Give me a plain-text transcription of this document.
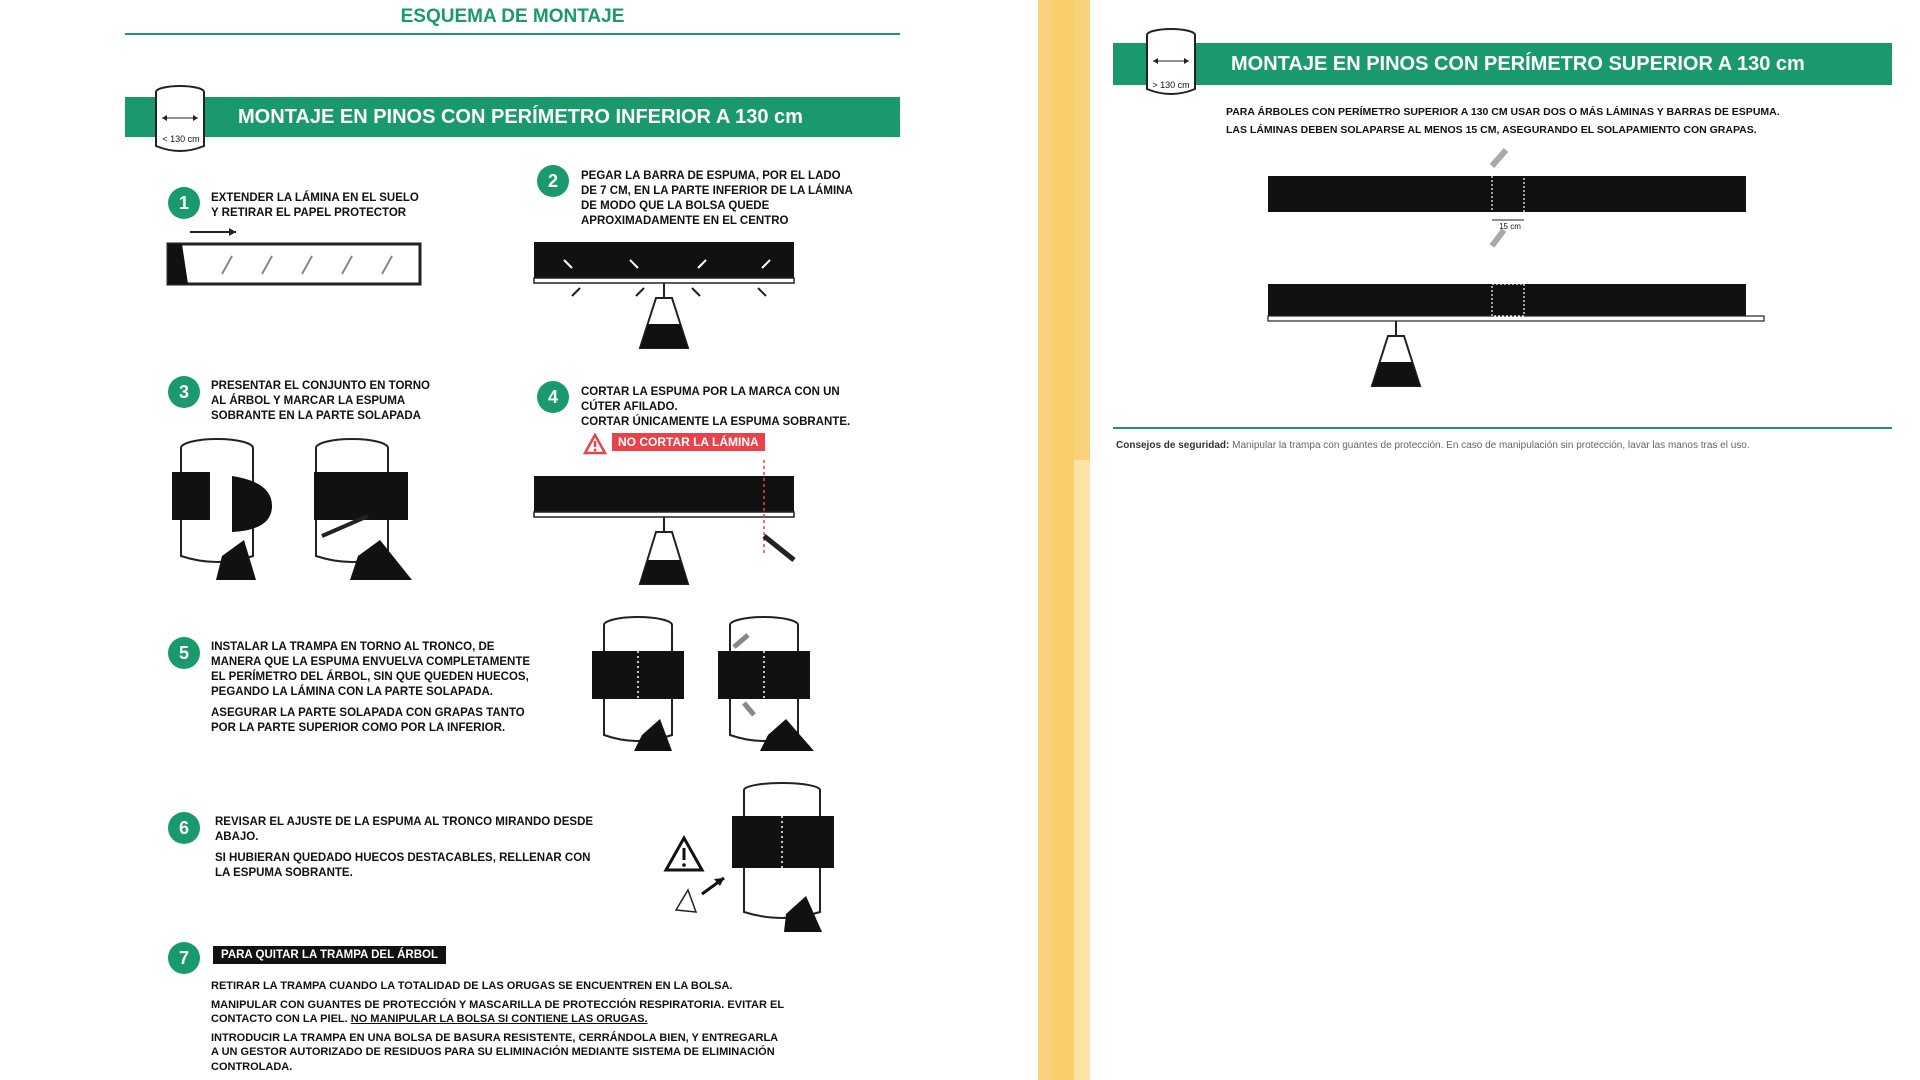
ESQUEMA DE MONTAJE
MONTAJE EN PINOS CON PERÍMETRO INFERIOR A 130 cm
< 130 cm
1	EXTENDER LA LÁMINA EN EL SUELO
Y RETIRAR EL PAPEL PROTECTOR
2	PEGAR LA BARRA DE ESPUMA, POR EL LADO
DE 7 CM, EN LA PARTE INFERIOR DE LA LÁMINA
DE MODO QUE LA BOLSA QUEDE
APROXIMADAMENTE EN EL CENTRO
3	PRESENTAR EL CONJUNTO EN TORNO
AL ÁRBOL Y MARCAR LA ESPUMA
SOBRANTE EN LA PARTE SOLAPADA
4	CORTAR LA ESPUMA POR LA MARCA CON UN
CÚTER AFILADO.
CORTAR ÚNICAMENTE LA ESPUMA SOBRANTE.
NO CORTAR LA LÁMINA
5	INSTALAR LA TRAMPA EN TORNO AL TRONCO, DE
MANERA QUE LA ESPUMA ENVUELVA COMPLETAMENTE
EL PERÍMETRO DEL ÁRBOL, SIN QUE QUEDEN HUECOS,
PEGANDO LA LÁMINA CON LA PARTE SOLAPADA.
ASEGURAR LA PARTE SOLAPADA CON GRAPAS TANTO
POR LA PARTE SUPERIOR COMO POR LA INFERIOR.
6	REVISAR EL AJUSTE DE LA ESPUMA AL TRONCO MIRANDO DESDE
ABAJO.
SI HUBIERAN QUEDADO HUECOS DESTACABLES, RELLENAR CON
LA ESPUMA SOBRANTE.
7	PARA QUITAR LA TRAMPA DEL ÁRBOL

RETIRAR LA TRAMPA CUANDO LA TOTALIDAD DE LAS ORUGAS SE ENCUENTREN EN LA BOLSA.

MANIPULAR CON GUANTES DE PROTECCIÓN Y MASCARILLA DE PROTECCIÓN RESPIRATORIA. EVITAR EL
CONTACTO CON LA PIEL. NO MANIPULAR LA BOLSA SI CONTIENE LAS ORUGAS.

INTRODUCIR LA TRAMPA EN UNA BOLSA DE BASURA RESISTENTE, CERRÁNDOLA BIEN, Y ENTREGARLA
A UN GESTOR AUTORIZADO DE RESIDUOS PARA SU ELIMINACIÓN MEDIANTE SISTEMA DE ELIMINACIÓN
CONTROLADA.

MONTAJE EN PINOS CON PERÍMETRO SUPERIOR A 130 cm
> 130 cm
PARA ÁRBOLES CON PERÍMETRO SUPERIOR A 130 CM USAR DOS O MÁS LÁMINAS Y BARRAS DE ESPUMA.
LAS LÁMINAS DEBEN SOLAPARSE AL MENOS 15 CM, ASEGURANDO EL SOLAPAMIENTO CON GRAPAS.
15 cm
Consejos de seguridad: Manipular la trampa con guantes de protección. En caso de manipulación sin protección, lavar las manos tras el uso.
